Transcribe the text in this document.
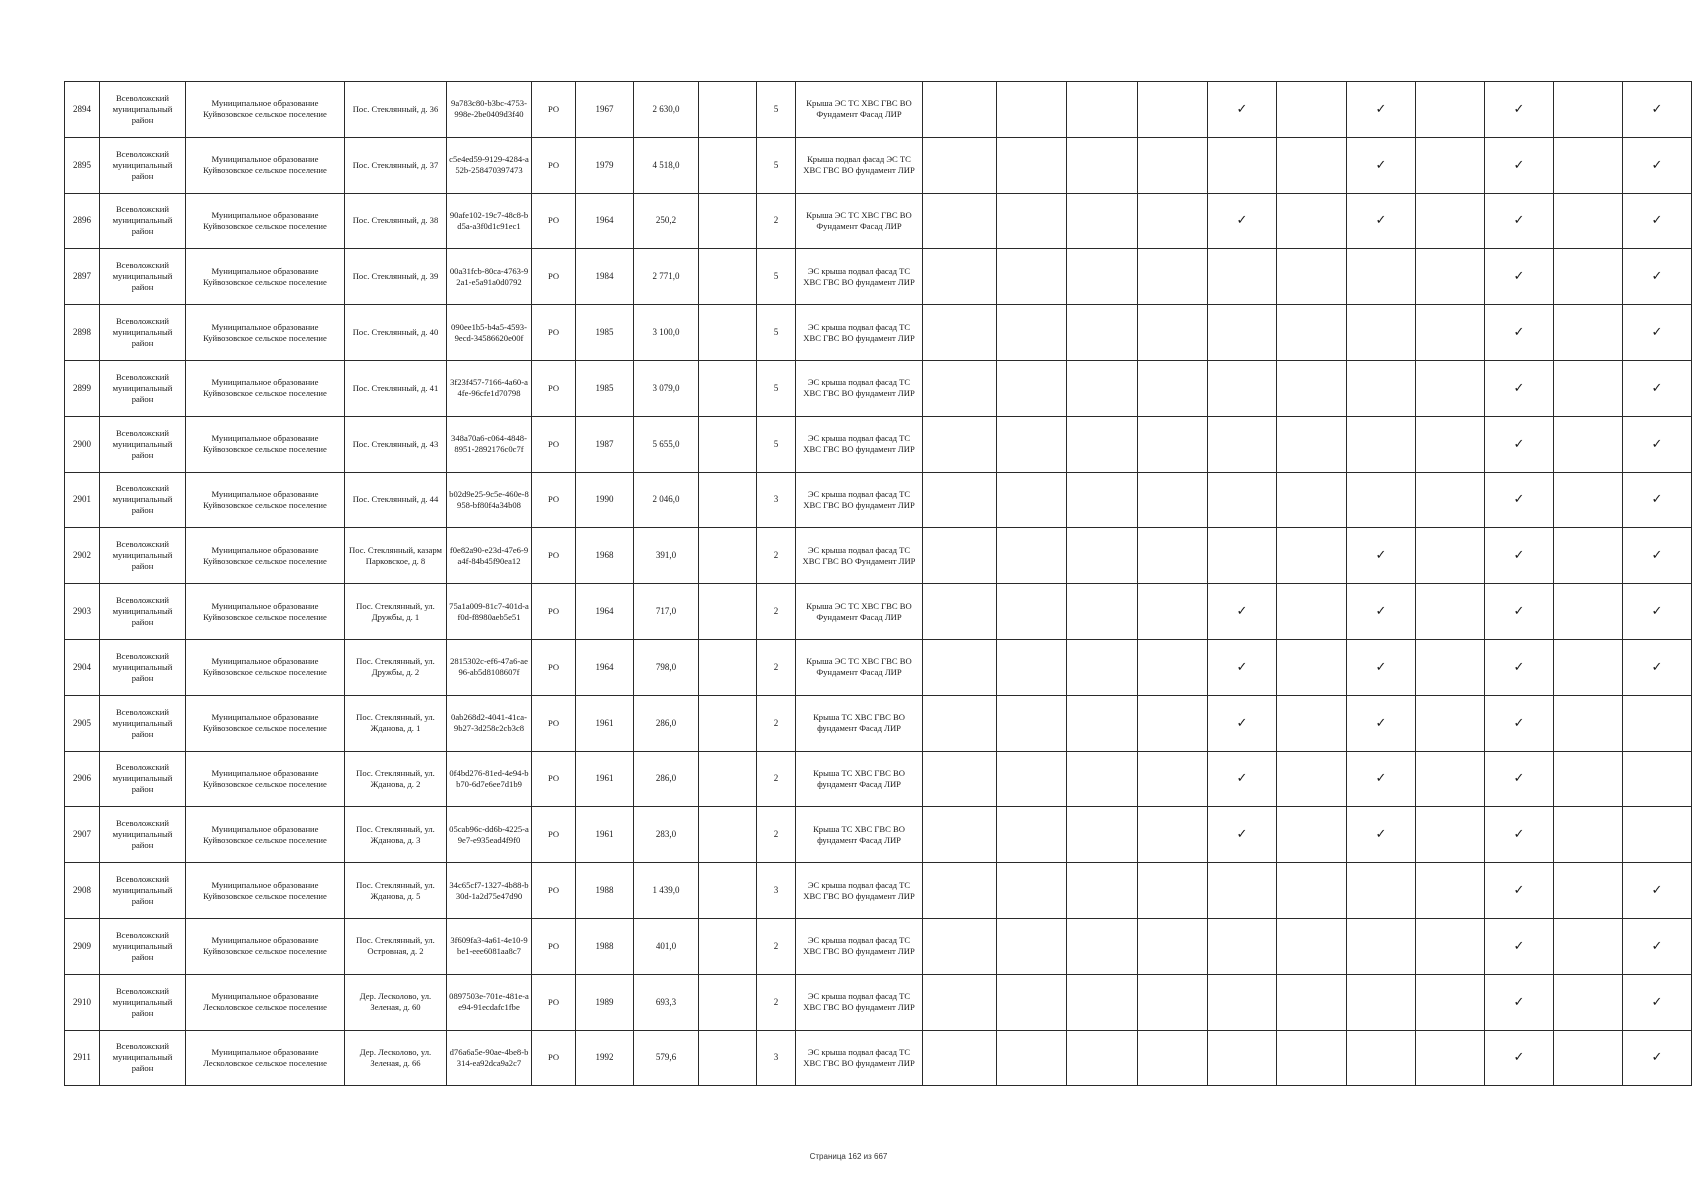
2894	Всеволожский муниципальный район	Муниципальное образование Куйвозовское сельское поселение	Пос. Стеклянный, д. 36	9a783c80-b3bc-4753-998e-2be0409d3f40	РО	1967	2 630,0		5	Крыша ЭС ТС ХВС ГВС ВО Фундамент Фасад ЛИР					✓		✓		✓		✓
2895	Всеволожский муниципальный район	Муниципальное образование Куйвозовское сельское поселение	Пос. Стеклянный, д. 37	c5e4ed59-9129-4284-a52b-258470397473	РО	1979	4 518,0		5	Крыша подвал фасад ЭС ТС ХВС ГВС ВО фундамент ЛИР							✓		✓		✓
2896	Всеволожский муниципальный район	Муниципальное образование Куйвозовское сельское поселение	Пос. Стеклянный, д. 38	90afe102-19c7-48c8-bd5a-a3f0d1c91ec1	РО	1964	250,2		2	Крыша ЭС ТС ХВС ГВС ВО Фундамент Фасад ЛИР					✓		✓		✓		✓
2897	Всеволожский муниципальный район	Муниципальное образование Куйвозовское сельское поселение	Пос. Стеклянный, д. 39	00a31fcb-80ca-4763-92a1-e5a91a0d0792	РО	1984	2 771,0		5	ЭС крыша подвал фасад ТС ХВС ГВС ВО фундамент ЛИР									✓		✓
2898	Всеволожский муниципальный район	Муниципальное образование Куйвозовское сельское поселение	Пос. Стеклянный, д. 40	090ee1b5-b4a5-4593-9ecd-34586620e00f	РО	1985	3 100,0		5	ЭС крыша подвал фасад ТС ХВС ГВС ВО фундамент ЛИР									✓		✓
2899	Всеволожский муниципальный район	Муниципальное образование Куйвозовское сельское поселение	Пос. Стеклянный, д. 41	3f23f457-7166-4a60-a4fe-96cfe1d70798	РО	1985	3 079,0		5	ЭС крыша подвал фасад ТС ХВС ГВС ВО фундамент ЛИР									✓		✓
2900	Всеволожский муниципальный район	Муниципальное образование Куйвозовское сельское поселение	Пос. Стеклянный, д. 43	348a70a6-c064-4848-8951-2892176c0c7f	РО	1987	5 655,0		5	ЭС крыша подвал фасад ТС ХВС ГВС ВО фундамент ЛИР									✓		✓
2901	Всеволожский муниципальный район	Муниципальное образование Куйвозовское сельское поселение	Пос. Стеклянный, д. 44	b02d9e25-9c5e-460e-8958-bf80f4a34b08	РО	1990	2 046,0		3	ЭС крыша подвал фасад ТС ХВС ГВС ВО фундамент ЛИР									✓		✓
2902	Всеволожский муниципальный район	Муниципальное образование Куйвозовское сельское поселение	Пос. Стеклянный, казарм Парковское, д. 8	f0e82a90-e23d-47e6-9a4f-84b45f90ea12	РО	1968	391,0		2	ЭС крыша подвал фасад ТС ХВС ГВС ВО Фундамент ЛИР							✓		✓		✓
2903	Всеволожский муниципальный район	Муниципальное образование Куйвозовское сельское поселение	Пос. Стеклянный, ул. Дружбы, д. 1	75a1a009-81c7-401d-af0d-f8980aeb5e51	РО	1964	717,0		2	Крыша ЭС ТС ХВС ГВС ВО Фундамент Фасад ЛИР					✓		✓		✓		✓
2904	Всеволожский муниципальный район	Муниципальное образование Куйвозовское сельское поселение	Пос. Стеклянный, ул. Дружбы, д. 2	2815302c-ef6-47a6-ae96-ab5d8108607f	РО	1964	798,0		2	Крыша ЭС ТС ХВС ГВС ВО Фундамент Фасад ЛИР					✓		✓		✓		✓
2905	Всеволожский муниципальный район	Муниципальное образование Куйвозовское сельское поселение	Пос. Стеклянный, ул. Жданова, д. 1	0ab268d2-4041-41ca-9b27-3d258c2cb3c8	РО	1961	286,0		2	Крыша ТС ХВС ГВС ВО фундамент Фасад ЛИР					✓		✓		✓		
2906	Всеволожский муниципальный район	Муниципальное образование Куйвозовское сельское поселение	Пос. Стеклянный, ул. Жданова, д. 2	0f4bd276-81ed-4e94-bb70-6d7e6ee7d1b9	РО	1961	286,0		2	Крыша ТС ХВС ГВС ВО фундамент Фасад ЛИР					✓		✓		✓		
2907	Всеволожский муниципальный район	Муниципальное образование Куйвозовское сельское поселение	Пос. Стеклянный, ул. Жданова, д. 3	05cab96c-dd6b-4225-a9e7-e935ead4f9f0	РО	1961	283,0		2	Крыша ТС ХВС ГВС ВО фундамент Фасад ЛИР					✓		✓		✓		
2908	Всеволожский муниципальный район	Муниципальное образование Куйвозовское сельское поселение	Пос. Стеклянный, ул. Жданова, д. 5	34c65cf7-1327-4b88-b30d-1a2d75e47d90	РО	1988	1 439,0		3	ЭС крыша подвал фасад ТС ХВС ГВС ВО фундамент ЛИР									✓		✓
2909	Всеволожский муниципальный район	Муниципальное образование Куйвозовское сельское поселение	Пос. Стеклянный, ул. Островная, д. 2	3f609fa3-4a61-4e10-9be1-eee6081aa8c7	РО	1988	401,0		2	ЭС крыша подвал фасад ТС ХВС ГВС ВО фундамент ЛИР									✓		✓
2910	Всеволожский муниципальный район	Муниципальное образование Лесколовское сельское поселение	Дер. Лесколово, ул. Зеленая, д. 60	0897503e-701e-481e-ae94-91ecdafc1fbe	РО	1989	693,3		2	ЭС крыша подвал фасад ТС ХВС ГВС ВО фундамент ЛИР									✓		✓
2911	Всеволожский муниципальный район	Муниципальное образование Лесколовское сельское поселение	Дер. Лесколово, ул. Зеленая, д. 66	d76a6a5e-90ae-4be8-b314-ea92dca9a2c7	РО	1992	579,6		3	ЭС крыша подвал фасад ТС ХВС ГВС ВО фундамент ЛИР									✓		✓
Страница 162 из 667
